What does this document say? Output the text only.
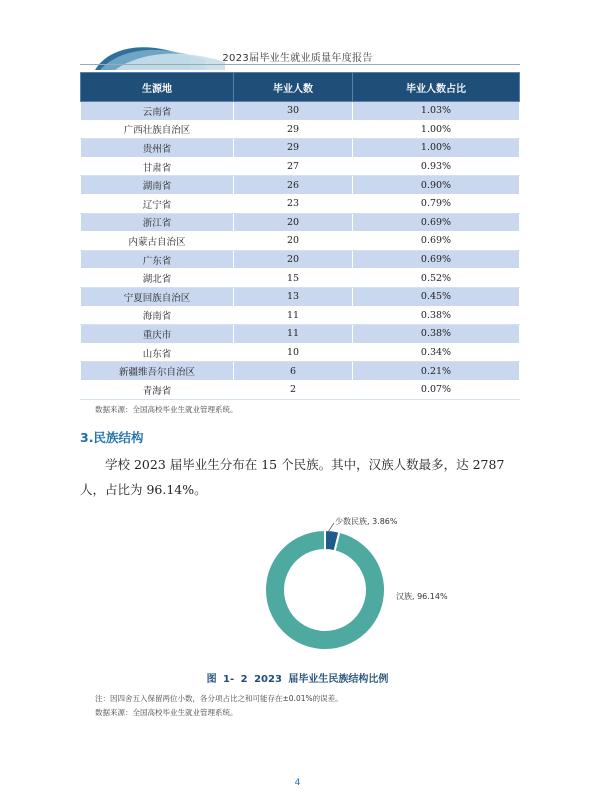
2023届毕业生就业质量年度报告
生源地	毕业人数	毕业人数占比
云南省	30	1.03%
广西壮族自治区	29	1.00%
贵州省	29	1.00%
甘肃省	27	0.93%
湖南省	26	0.90%
辽宁省	23	0.79%
浙江省	20	0.69%
内蒙古自治区	20	0.69%
广东省	20	0.69%
湖北省	15	0.52%
宁夏回族自治区	13	0.45%
海南省	11	0.38%
重庆市	11	0.38%
山东省	10	0.34%
新疆维吾尔自治区	6	0.21%
青海省	2	0.07%
数据来源：全国高校毕业生就业管理系统。
3.民族结构
学校 2023 届毕业生分布在 15 个民族。其中，汉族人数最多，达 2787 人，占比为 96.14%。
少数民族, 3.86%
汉族, 96.14%
图 1- 2 2023 届毕业生民族结构比例
注：因四舍五入保留两位小数，各分项占比之和可能存在±0.01%的误差。
数据来源：全国高校毕业生就业管理系统。
4
